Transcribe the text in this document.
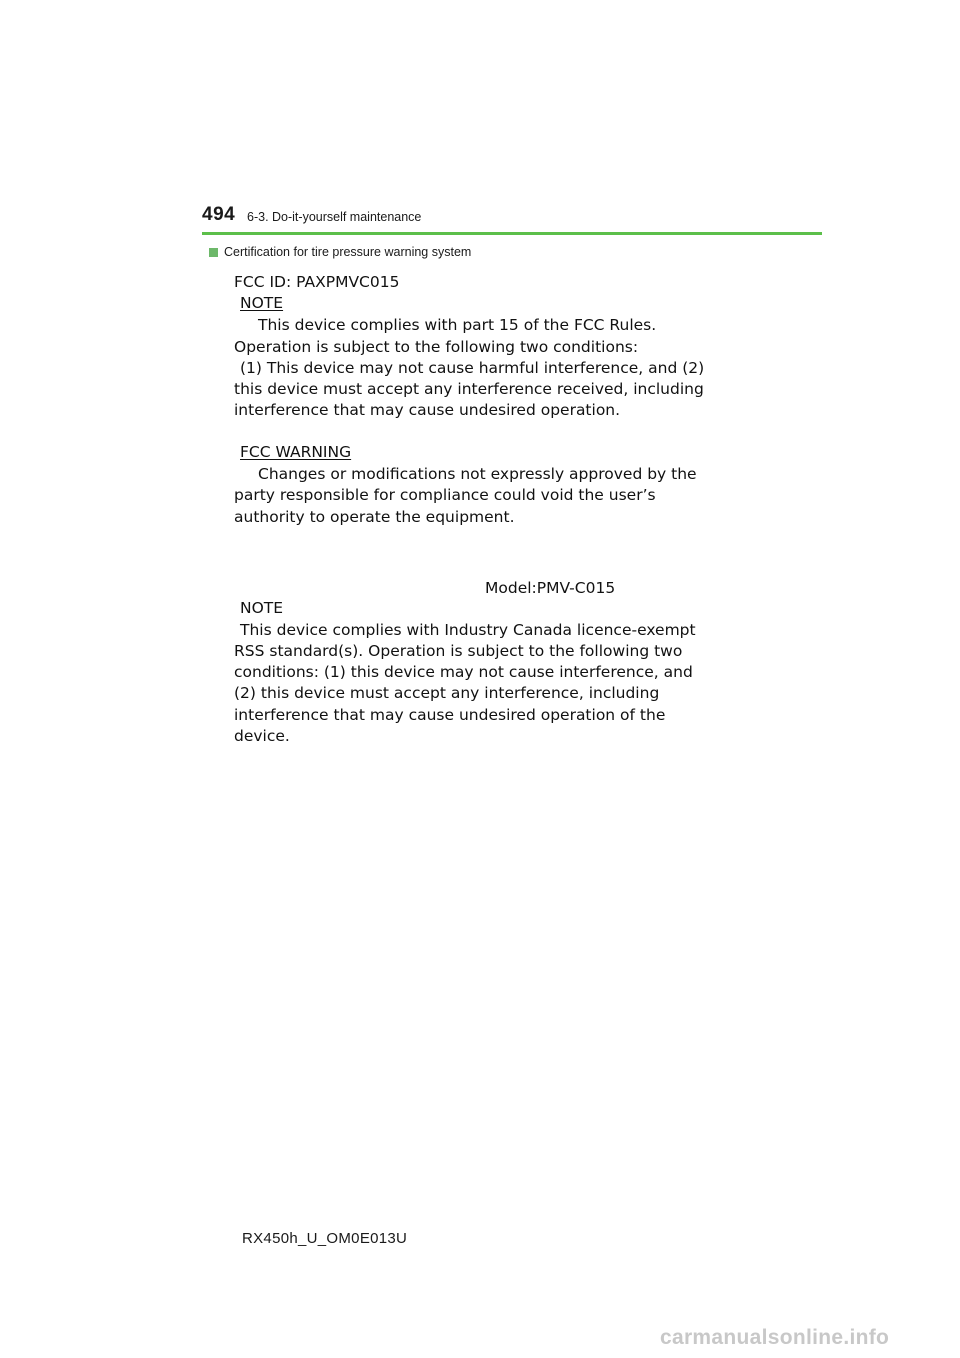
494 6-3. Do-it-yourself maintenance
Certification for tire pressure warning system
FCC ID: PAXPMVC015
NOTE
This device complies with part 15 of the FCC Rules.
Operation is subject to the following two conditions:
(1) This device may not cause harmful interference, and (2)
this device must accept any interference received, including
interference that may cause undesired operation.
FCC WARNING
Changes or modifications not expressly approved by the
party responsible for compliance could void the user’s
authority to operate the equipment.
Model:PMV-C015
NOTE
This device complies with Industry Canada licence-exempt
RSS standard(s). Operation is subject to the following two
conditions: (1) this device may not cause interference, and
(2) this device must accept any interference, including
interference that may cause undesired operation of the
device.
RX450h_U_OM0E013U
carmanualsonline.info
